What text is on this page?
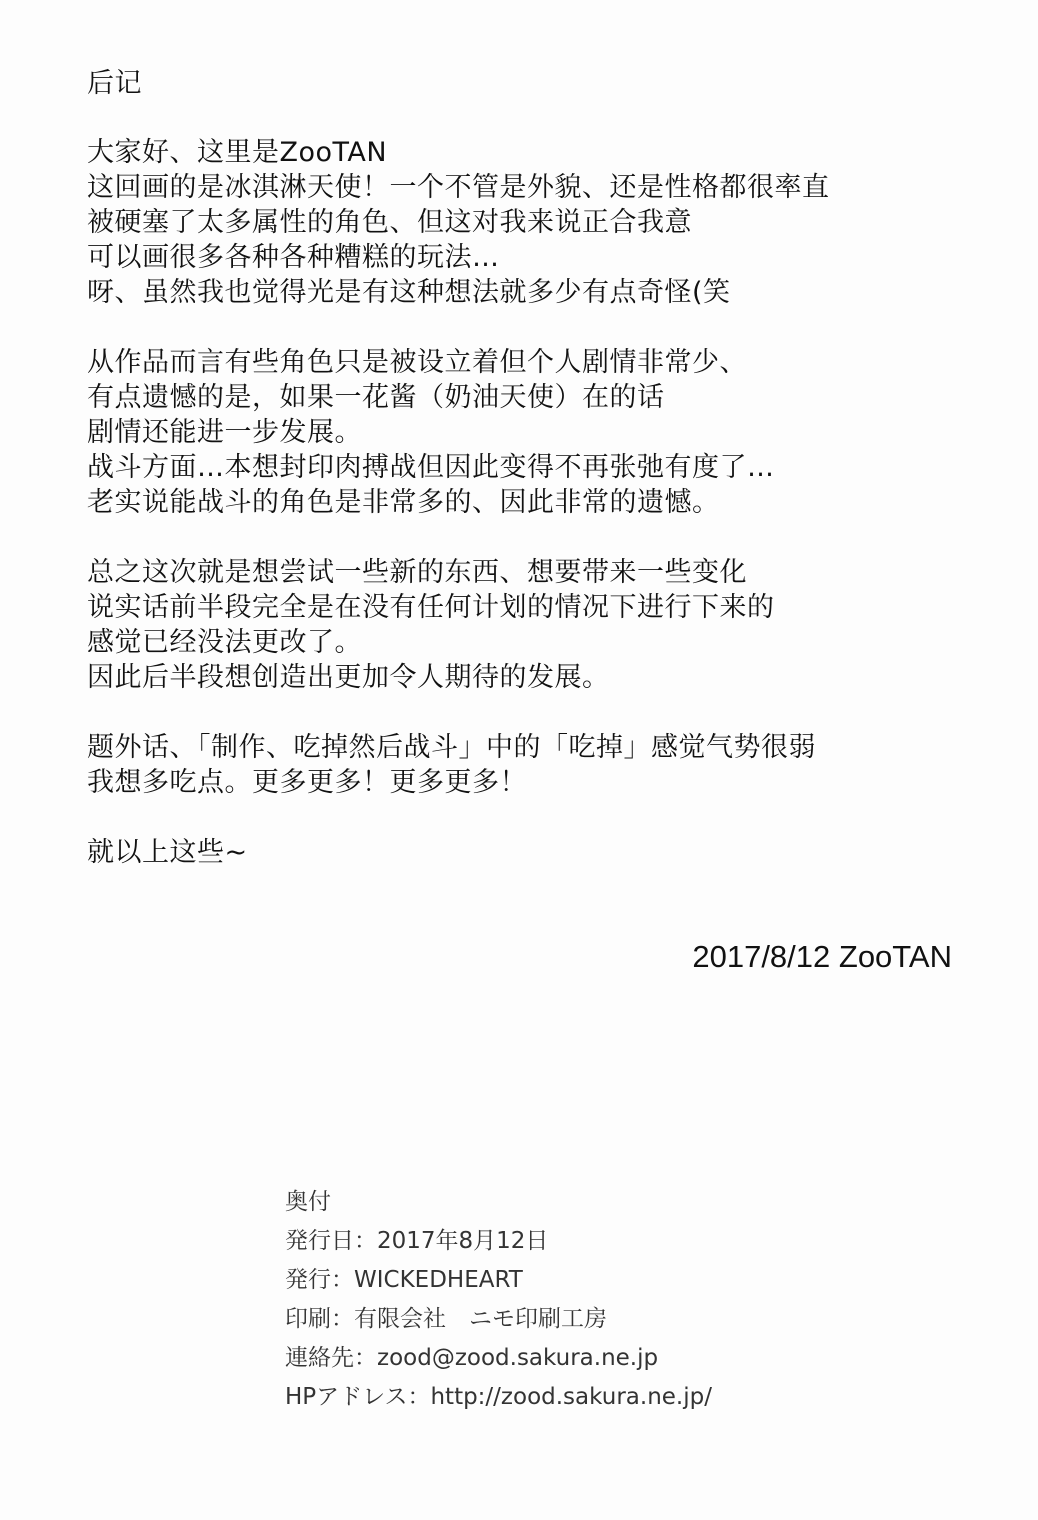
后记
大家好、这里是ZooTAN
这回画的是冰淇淋天使！一个不管是外貌、还是性格都很率直
被硬塞了太多属性的角色、但这对我来说正合我意
可以画很多各种各种糟糕的玩法…
呀、虽然我也觉得光是有这种想法就多少有点奇怪(笑
从作品而言有些角色只是被设立着但个人剧情非常少、
有点遗憾的是，如果一花酱（奶油天使）在的话
剧情还能进一步发展。
战斗方面…本想封印肉搏战但因此变得不再张弛有度了…
老实说能战斗的角色是非常多的、因此非常的遗憾。
总之这次就是想尝试一些新的东西、想要带来一些变化
说实话前半段完全是在没有任何计划的情况下进行下来的
感觉已经没法更改了。
因此后半段想创造出更加令人期待的发展。
题外话、「制作、吃掉然后战斗」中的「吃掉」感觉气势很弱
我想多吃点。更多更多！更多更多！
就以上这些~
2017/8/12 ZooTAN
奥付
発行日：2017年8月12日
発行：WICKEDHEART
印刷：有限会社　ニモ印刷工房
連絡先：zood@zood.sakura.ne.jp
HPアドレス：http://zood.sakura.ne.jp/
